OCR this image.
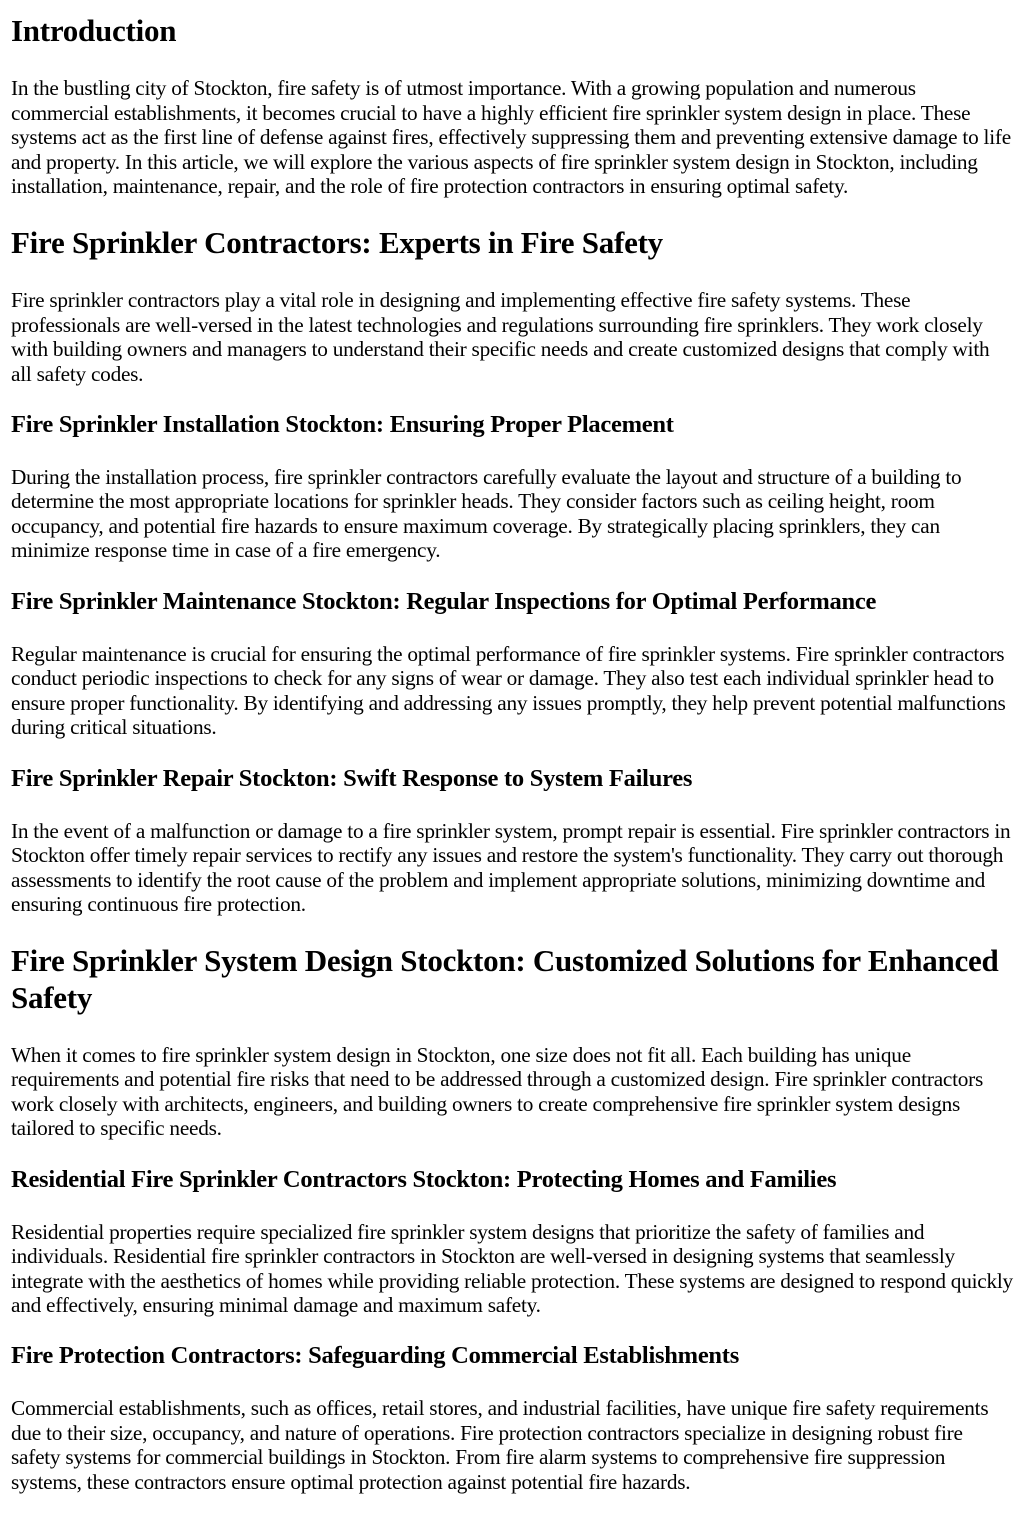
Introduction

In the bustling city of Stockton, fire safety is of utmost importance. With a growing population and numerous commercial establishments, it becomes crucial to have a highly efficient fire sprinkler system design in place. These systems act as the first line of defense against fires, effectively suppressing them and preventing extensive damage to life and property. In this article, we will explore the various aspects of fire sprinkler system design in Stockton, including installation, maintenance, repair, and the role of fire protection contractors in ensuring optimal safety.

Fire Sprinkler Contractors: Experts in Fire Safety

Fire sprinkler contractors play a vital role in designing and implementing effective fire safety systems. These professionals are well-versed in the latest technologies and regulations surrounding fire sprinklers. They work closely with building owners and managers to understand their specific needs and create customized designs that comply with all safety codes.

Fire Sprinkler Installation Stockton: Ensuring Proper Placement

During the installation process, fire sprinkler contractors carefully evaluate the layout and structure of a building to determine the most appropriate locations for sprinkler heads. They consider factors such as ceiling height, room occupancy, and potential fire hazards to ensure maximum coverage. By strategically placing sprinklers, they can minimize response time in case of a fire emergency.

Fire Sprinkler Maintenance Stockton: Regular Inspections for Optimal Performance

Regular maintenance is crucial for ensuring the optimal performance of fire sprinkler systems. Fire sprinkler contractors conduct periodic inspections to check for any signs of wear or damage. They also test each individual sprinkler head to ensure proper functionality. By identifying and addressing any issues promptly, they help prevent potential malfunctions during critical situations.

Fire Sprinkler Repair Stockton: Swift Response to System Failures

In the event of a malfunction or damage to a fire sprinkler system, prompt repair is essential. Fire sprinkler contractors in Stockton offer timely repair services to rectify any issues and restore the system's functionality. They carry out thorough assessments to identify the root cause of the problem and implement appropriate solutions, minimizing downtime and ensuring continuous fire protection.

Fire Sprinkler System Design Stockton: Customized Solutions for Enhanced Safety

When it comes to fire sprinkler system design in Stockton, one size does not fit all. Each building has unique requirements and potential fire risks that need to be addressed through a customized design. Fire sprinkler contractors work closely with architects, engineers, and building owners to create comprehensive fire sprinkler system designs tailored to specific needs.

Residential Fire Sprinkler Contractors Stockton: Protecting Homes and Families

Residential properties require specialized fire sprinkler system designs that prioritize the safety of families and individuals. Residential fire sprinkler contractors in Stockton are well-versed in designing systems that seamlessly integrate with the aesthetics of homes while providing reliable protection. These systems are designed to respond quickly and effectively, ensuring minimal damage and maximum safety.

Fire Protection Contractors: Safeguarding Commercial Establishments

Commercial establishments, such as offices, retail stores, and industrial facilities, have unique fire safety requirements due to their size, occupancy, and nature of operations. Fire protection contractors specialize in designing robust fire safety systems for commercial buildings in Stockton. From fire alarm systems to comprehensive fire suppression systems, these contractors ensure optimal protection against potential fire hazards.
